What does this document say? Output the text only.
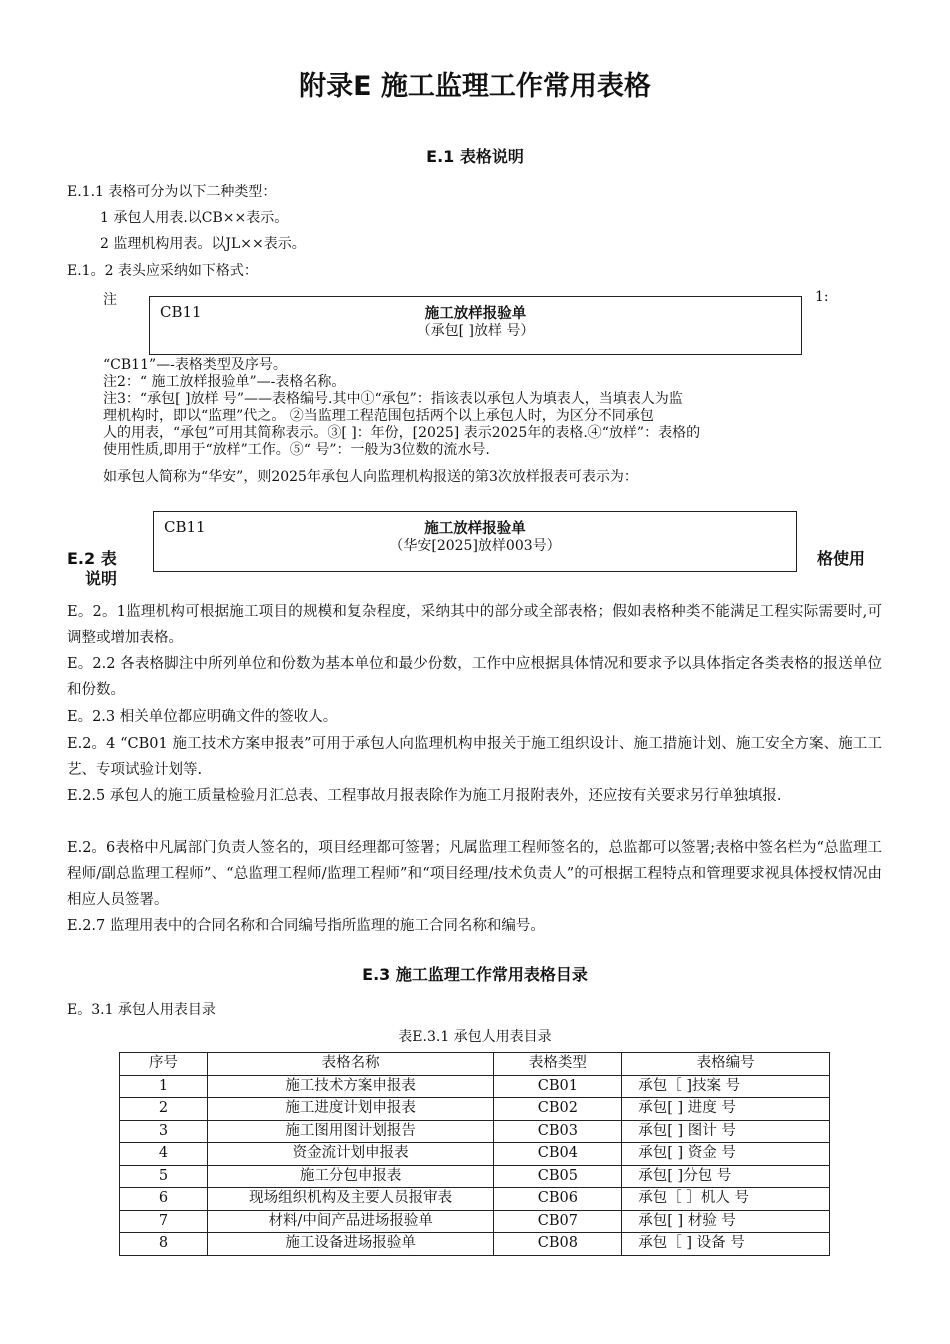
附录E 施工监理工作常用表格
E.1 表格说明
E.1.1 表格可分为以下二种类型：
1 承包人用表.以CB××表示。
2 监理机构用表。以JL××表示。
E.1。2 表头应采纳如下格式：
注	1:
CB11	施工放样报验单
（承包[ ]放样 号）
“CB11”—-表格类型及序号。
注2：“ 施工放样报验单”—-表格名称。
注3：“承包[ ]放样 号”——表格编号.其中①“承包”：指该表以承包人为填表人，当填表人为监
理机构时，即以“监理”代之。 ②当监理工程范围包括两个以上承包人时，为区分不同承包
人的用表，“承包”可用其简称表示。③[ ]：年份，[2025] 表示2025年的表格.④“放样”：表格的
使用性质,即用于“放样”工作。⑤“ 号”：一般为3位数的流水号.
如承包人简称为“华安”，则2025年承包人向监理机构报送的第3次放样报表可表示为：
CB11	施工放样报验单
（华安[2025]放样003号）
E.2 表	格使用
说明
E。2。1监理机构可根据施工项目的规模和复杂程度，采纳其中的部分或全部表格；假如表格种类不能满足工程实际需要时,可调整或增加表格。
E。2.2 各表格脚注中所列单位和份数为基本单位和最少份数，工作中应根据具体情况和要求予以具体指定各类表格的报送单位和份数。
E。2.3 相关单位都应明确文件的签收人。
E.2。4 “CB01 施工技术方案申报表”可用于承包人向监理机构申报关于施工组织设计、施工措施计划、施工安全方案、施工工艺、专项试验计划等.
E.2.5 承包人的施工质量检验月汇总表、工程事故月报表除作为施工月报附表外，还应按有关要求另行单独填报.
E.2。6表格中凡属部门负责人签名的，项目经理都可签署；凡属监理工程师签名的，总监都可以签署;表格中签名栏为“总监理工程师/副总监理工程师”、“总监理工程师/监理工程师”和“项目经理/技术负责人”的可根据工程特点和管理要求视具体授权情况由相应人员签署。
E.2.7 监理用表中的合同名称和合同编号指所监理的施工合同名称和编号。
E.3 施工监理工作常用表格目录
E。3.1 承包人用表目录
表E.3.1 承包人用表目录
序号	表格名称	表格类型	表格编号
1	施工技术方案申报表	CB01	承包［ ]技案 号
2	施工进度计划申报表	CB02	承包[ ] 进度 号
3	施工图用图计划报告	CB03	承包[ ] 图计 号
4	资金流计划申报表	CB04	承包[ ] 资金 号
5	施工分包申报表	CB05	承包[ ]分包 号
6	现场组织机构及主要人员报审表	CB06	承包［ ］机人 号
7	材料/中间产品进场报验单	CB07	承包[ ] 材验 号
8	施工设备进场报验单	CB08	承包［ ] 设备 号
